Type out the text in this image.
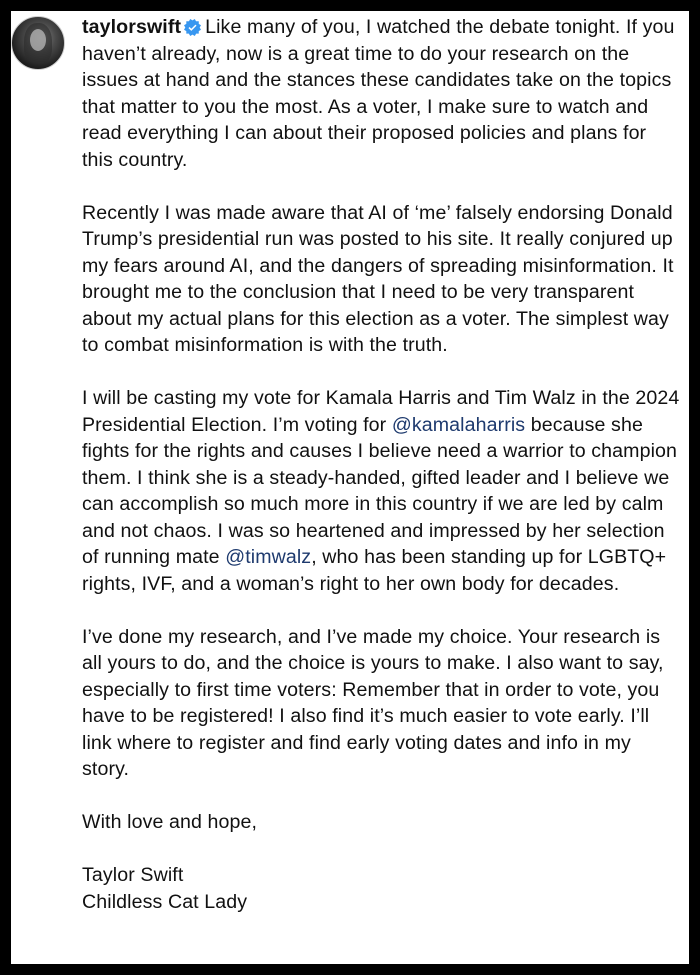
taylorswift Like many of you, I watched the debate tonight. If you haven’t already, now is a great time to do your research on the issues at hand and the stances these candidates take on the topics that matter to you the most. As a voter, I make sure to watch and read everything I can about their proposed policies and plans for this country.

Recently I was made aware that AI of ‘me’ falsely endorsing Donald Trump’s presidential run was posted to his site. It really conjured up my fears around AI, and the dangers of spreading misinformation. It brought me to the conclusion that I need to be very transparent about my actual plans for this election as a voter. The simplest way to combat misinformation is with the truth.

I will be casting my vote for Kamala Harris and Tim Walz in the 2024 Presidential Election. I’m voting for @kamalaharris because she fights for the rights and causes I believe need a warrior to champion them. I think she is a steady-handed, gifted leader and I believe we can accomplish so much more in this country if we are led by calm and not chaos. I was so heartened and impressed by her selection of running mate @timwalz, who has been standing up for LGBTQ+ rights, IVF, and a woman’s right to her own body for decades.

I’ve done my research, and I’ve made my choice. Your research is all yours to do, and the choice is yours to make. I also want to say, especially to first time voters: Remember that in order to vote, you have to be registered! I also find it’s much easier to vote early. I’ll link where to register and find early voting dates and info in my story.

With love and hope,

Taylor Swift
Childless Cat Lady
